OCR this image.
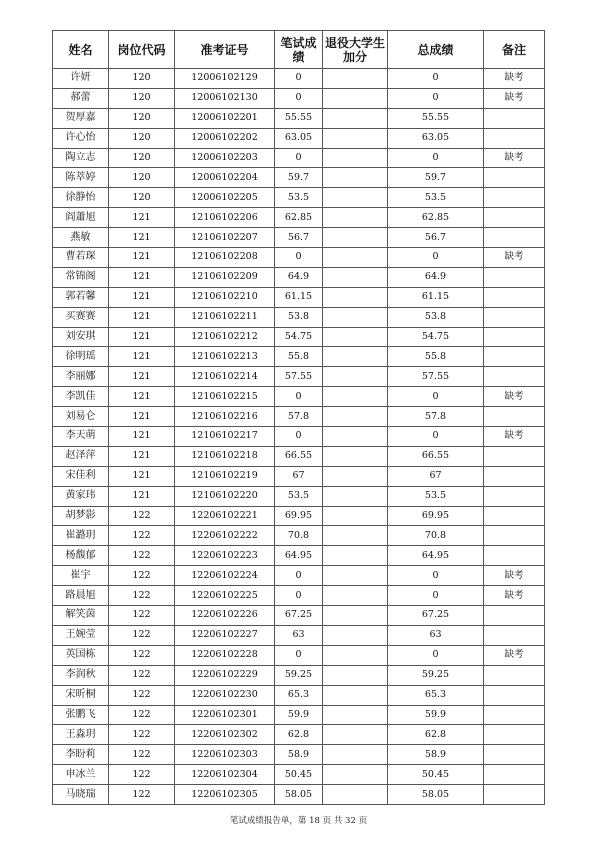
姓名	岗位代码	准考证号	笔试成绩	退役大学生加分	总成绩	备注
许妍	120	12006102129	0		0	缺考
郝蕾	120	12006102130	0		0	缺考
贺厚嘉	120	12006102201	55.55		55.55	
许心怡	120	12006102202	63.05		63.05	
陶立志	120	12006102203	0		0	缺考
陈萃婷	120	12006102204	59.7		59.7	
徐静怡	120	12006102205	53.5		53.5	
阎蕭旭	121	12106102206	62.85		62.85	
燕敏	121	12106102207	56.7		56.7	
曹若琛	121	12106102208	0		0	缺考
常锦阁	121	12106102209	64.9		64.9	
郭若馨	121	12106102210	61.15		61.15	
买赛赛	121	12106102211	53.8		53.8	
刘安琪	121	12106102212	54.75		54.75	
徐明瑶	121	12106102213	55.8		55.8	
李丽娜	121	12106102214	57.55		57.55	
李凯佳	121	12106102215	0		0	缺考
刘易仑	121	12106102216	57.8		57.8	
李天萌	121	12106102217	0		0	缺考
赵泽萍	121	12106102218	66.55		66.55	
宋佳利	121	12106102219	67		67	
黄家玮	121	12106102220	53.5		53.5	
胡梦影	122	12206102221	69.95		69.95	
崔潞玥	122	12206102222	70.8		70.8	
杨馥郁	122	12206102223	64.95		64.95	
崔宇	122	12206102224	0		0	缺考
路晨旭	122	12206102225	0		0	缺考
解笑茵	122	12206102226	67.25		67.25	
王婉莹	122	12206102227	63		63	
英国栋	122	12206102228	0		0	缺考
李润秋	122	12206102229	59.25		59.25	
宋昕桐	122	12206102230	65.3		65.3	
张鹏飞	122	12206102301	59.9		59.9	
王淼玥	122	12206102302	62.8		62.8	
李盼莉	122	12206102303	58.9		58.9	
申冰兰	122	12206102304	50.45		50.45	
马晓瑞	122	12206102305	58.05		58.05	
笔试成绩报告单，第 18 页 共 32 页
